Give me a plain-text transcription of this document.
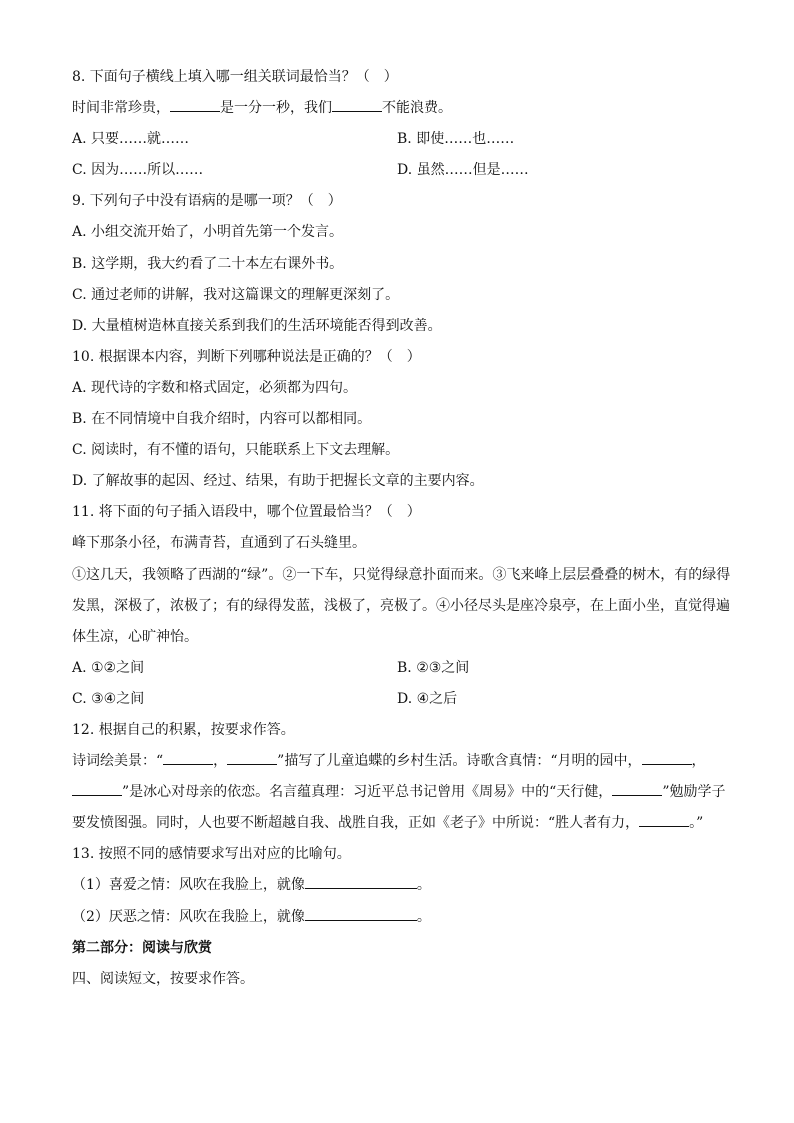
8. 下面句子横线上填入哪一组关联词最恰当？（　）
时间非常珍贵，	是一分一秒，我们	不能浪费。
A. 只要……就……	B. 即使……也……
C. 因为……所以……	D. 虽然……但是……
9. 下列句子中没有语病的是哪一项？（　）
A. 小组交流开始了，小明首先第一个发言。
B. 这学期，我大约看了二十本左右课外书。
C. 通过老师的讲解，我对这篇课文的理解更深刻了。
D. 大量植树造林直接关系到我们的生活环境能否得到改善。
10. 根据课本内容，判断下列哪种说法是正确的？（　）
A. 现代诗的字数和格式固定，必须都为四句。
B. 在不同情境中自我介绍时，内容可以都相同。
C. 阅读时，有不懂的语句，只能联系上下文去理解。
D. 了解故事的起因、经过、结果，有助于把握长文章的主要内容。
11. 将下面的句子插入语段中，哪个位置最恰当？（　）
峰下那条小径，布满青苔，直通到了石头缝里。
①这几天，我领略了西湖的“绿”。②一下车，只觉得绿意扑面而来。③飞来峰上层层叠叠的树木，有的绿得发黑，深极了，浓极了；有的绿得发蓝，浅极了，亮极了。④小径尽头是座冷泉亭，在上面小坐，直觉得遍体生凉，心旷神怡。
A. ①②之间	B. ②③之间
C. ③④之间	D. ④之后
12. 根据自己的积累，按要求作答。
诗词绘美景：“	，	”描写了儿童追蝶的乡村生活。诗歌含真情：“月明的园中，	，”是冰心对母亲的依恋。名言蕴真理：习近平总书记曾用《周易》中的“天行健，	”勉励学子要发愤图强。同时，人也要不断超越自我、战胜自我，正如《老子》中所说：“胜人者有力，	。”
13. 按照不同的感情要求写出对应的比喻句。
（1）喜爱之情：风吹在我脸上，就像	。
（2）厌恶之情：风吹在我脸上，就像	。
第二部分：阅读与欣赏
四、阅读短文，按要求作答。
